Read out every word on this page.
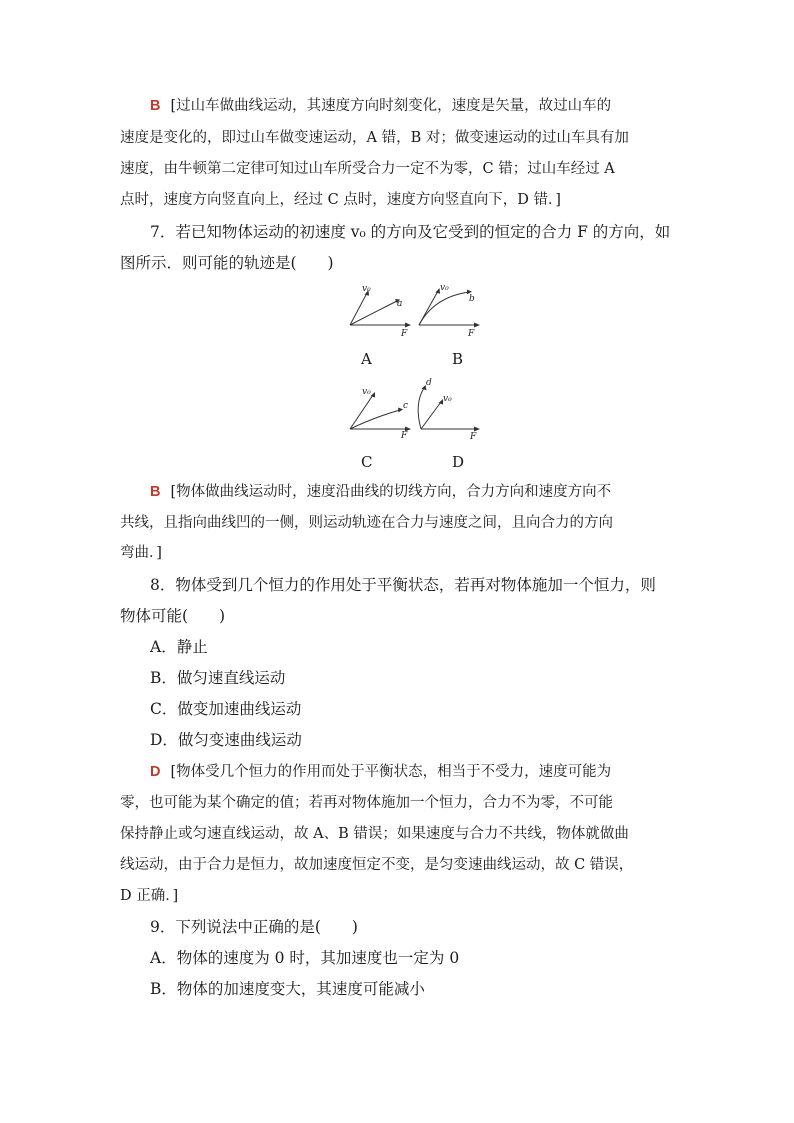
B [过山车做曲线运动，其速度方向时刻变化，速度是矢量，故过山车的
速度是变化的，即过山车做变速运动，A 错，B 对；做变速运动的过山车具有加
速度，由牛顿第二定律可知过山车所受合力一定不为零，C 错；过山车经过 A
点时，速度方向竖直向上，经过 C 点时，速度方向竖直向下，D 错．]
7．若已知物体运动的初速度 v₀ 的方向及它受到的恒定的合力 F 的方向，如
图所示．则可能的轨迹是(　　)
v₀
a
F
A
v₀
b
F
B
v₀
c
F
C
d
v₀
F
D
B [物体做曲线运动时，速度沿曲线的切线方向，合力方向和速度方向不
共线，且指向曲线凹的一侧，则运动轨迹在合力与速度之间，且向合力的方向
弯曲．]
8．物体受到几个恒力的作用处于平衡状态，若再对物体施加一个恒力，则
物体可能(　　)
A．静止
B．做匀速直线运动
C．做变加速曲线运动
D．做匀变速曲线运动
D [物体受几个恒力的作用而处于平衡状态，相当于不受力，速度可能为
零，也可能为某个确定的值；若再对物体施加一个恒力，合力不为零，不可能
保持静止或匀速直线运动，故 A、B 错误；如果速度与合力不共线，物体就做曲
线运动，由于合力是恒力，故加速度恒定不变，是匀变速曲线运动，故 C 错误，
D 正确．]
9．下列说法中正确的是(　　)
A．物体的速度为 0 时，其加速度也一定为 0
B．物体的加速度变大，其速度可能减小
